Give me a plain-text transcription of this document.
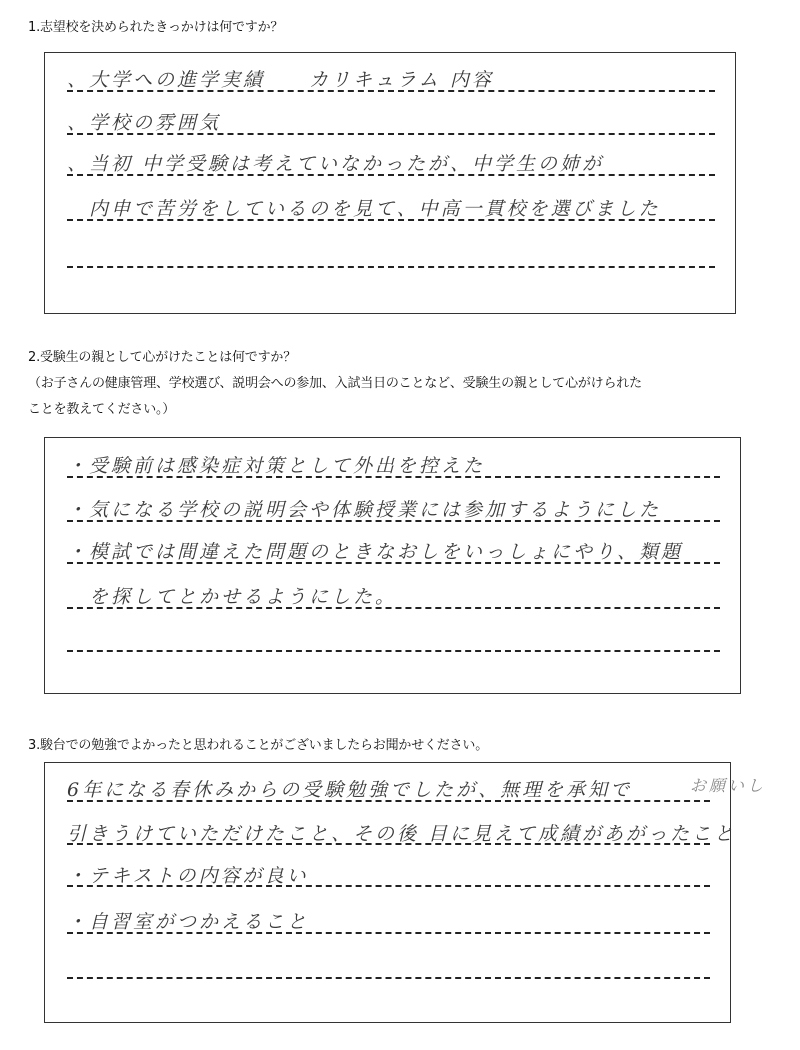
1.志望校を決められたきっかけは何ですか？
、大学への進学実績　　カリキュラム 内容
、学校の雰囲気
、当初 中学受験は考えていなかったが、中学生の姉が
　内申で苦労をしているのを見て、中高一貫校を選びました
2.受験生の親として心がけたことは何ですか？
（お子さんの健康管理、学校選び、説明会への参加、入試当日のことなど、受験生の親として心がけられた
ことを教えてください。）
・受験前は感染症対策として外出を控えた
・気になる学校の説明会や体験授業には参加するようにした
・模試では間違えた問題のときなおしをいっしょにやり、類題
　を探してとかせるようにした。
3.駿台での勉強でよかったと思われることがございましたらお聞かせください。
6年になる春休みからの受験勉強でしたが、無理を承知で	お願いし
引きうけていただけたこと、その後 目に見えて成績があがったこと
・テキストの内容が良い
・自習室がつかえること
